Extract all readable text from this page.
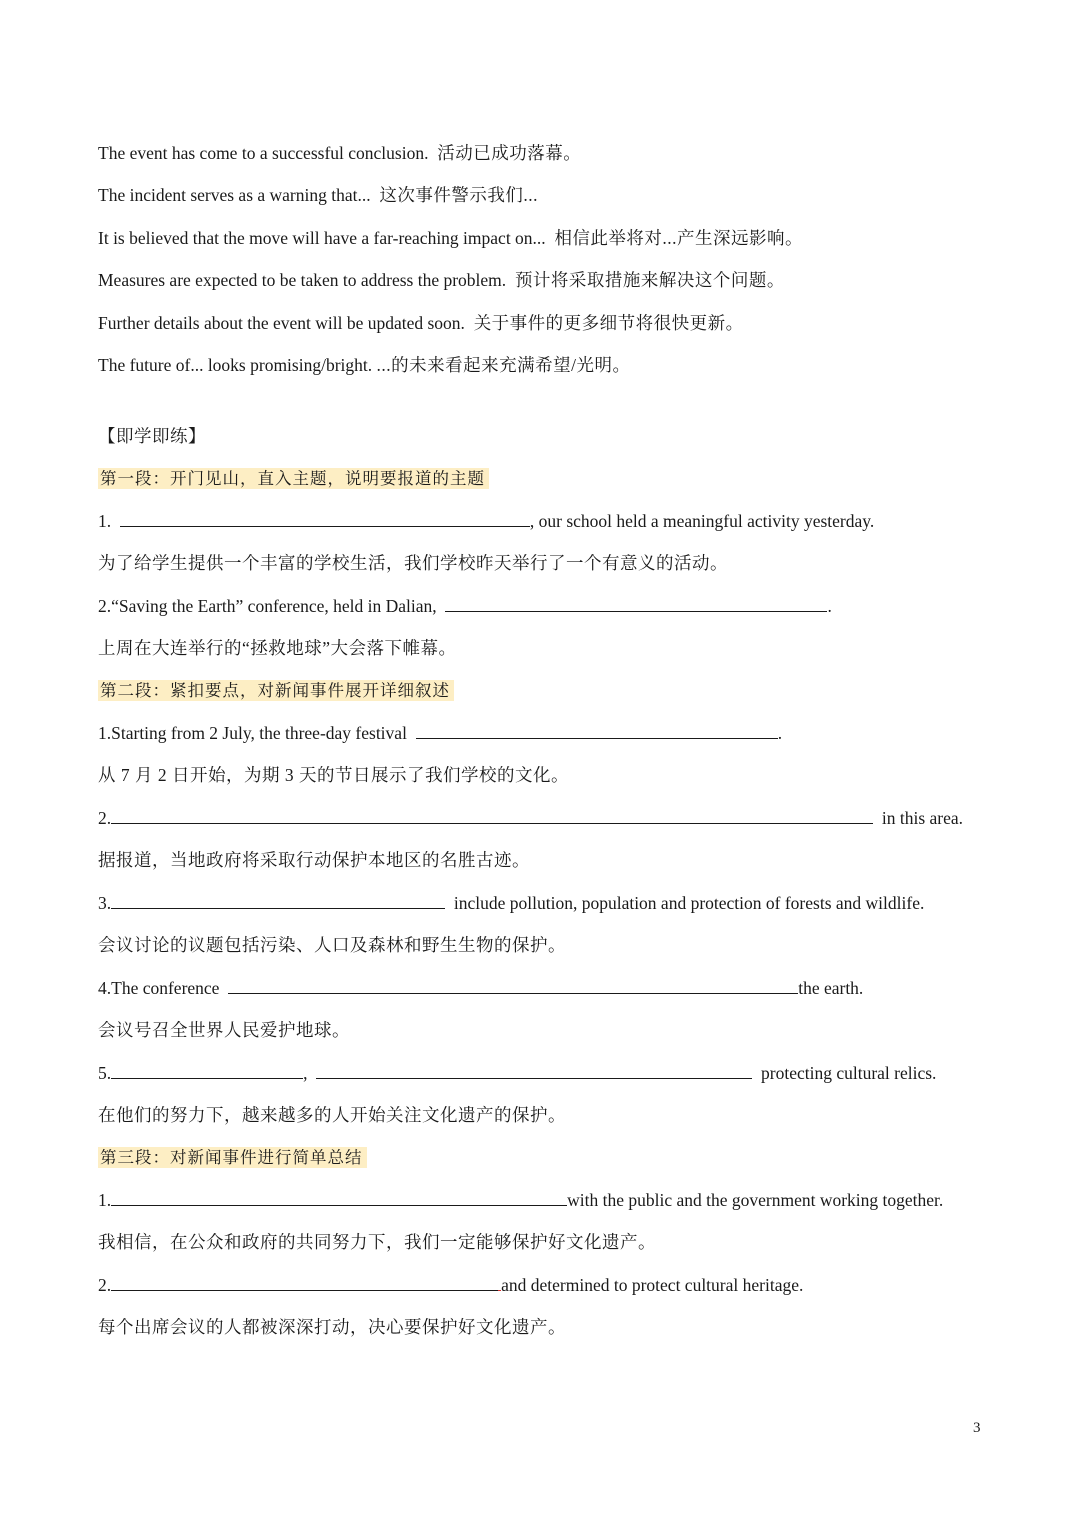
The event has come to a successful conclusion. 活动已成功落幕。
The incident serves as a warning that... 这次事件警示我们...
It is believed that the move will have a far-reaching impact on... 相信此举将对...产生深远影响。
Measures are expected to be taken to address the problem. 预计将采取措施来解决这个问题。
Further details about the event will be updated soon. 关于事件的更多细节将很快更新。
The future of... looks promising/bright. ...的未来看起来充满希望/光明。
【即学即练】
第一段：开门见山，直入主题，说明要报道的主题
1.	, our school held a meaningful activity yesterday.
为了给学生提供一个丰富的学校生活，我们学校昨天举行了一个有意义的活动。
2.“Saving the Earth” conference, held in Dalian,	.
上周在大连举行的“拯救地球”大会落下帷幕。
第二段：紧扣要点，对新闻事件展开详细叙述
1.Starting from 2 July, the three-day festival	.
从 7 月 2 日开始，为期 3 天的节日展示了我们学校的文化。
2.	in this area.
据报道，当地政府将采取行动保护本地区的名胜古迹。
3.	include pollution, population and protection of forests and wildlife.
会议讨论的议题包括污染、人口及森林和野生生物的保护。
4.The conference	the earth.
会议号召全世界人民爱护地球。
5.	,	protecting cultural relics.
在他们的努力下，越来越多的人开始关注文化遗产的保护。
第三段：对新闻事件进行简单总结
1.	with the public and the government working together.
我相信，在公众和政府的共同努力下，我们一定能够保护好文化遗产。
2.	and determined to protect cultural heritage.
每个出席会议的人都被深深打动，决心要保护好文化遗产。
3
